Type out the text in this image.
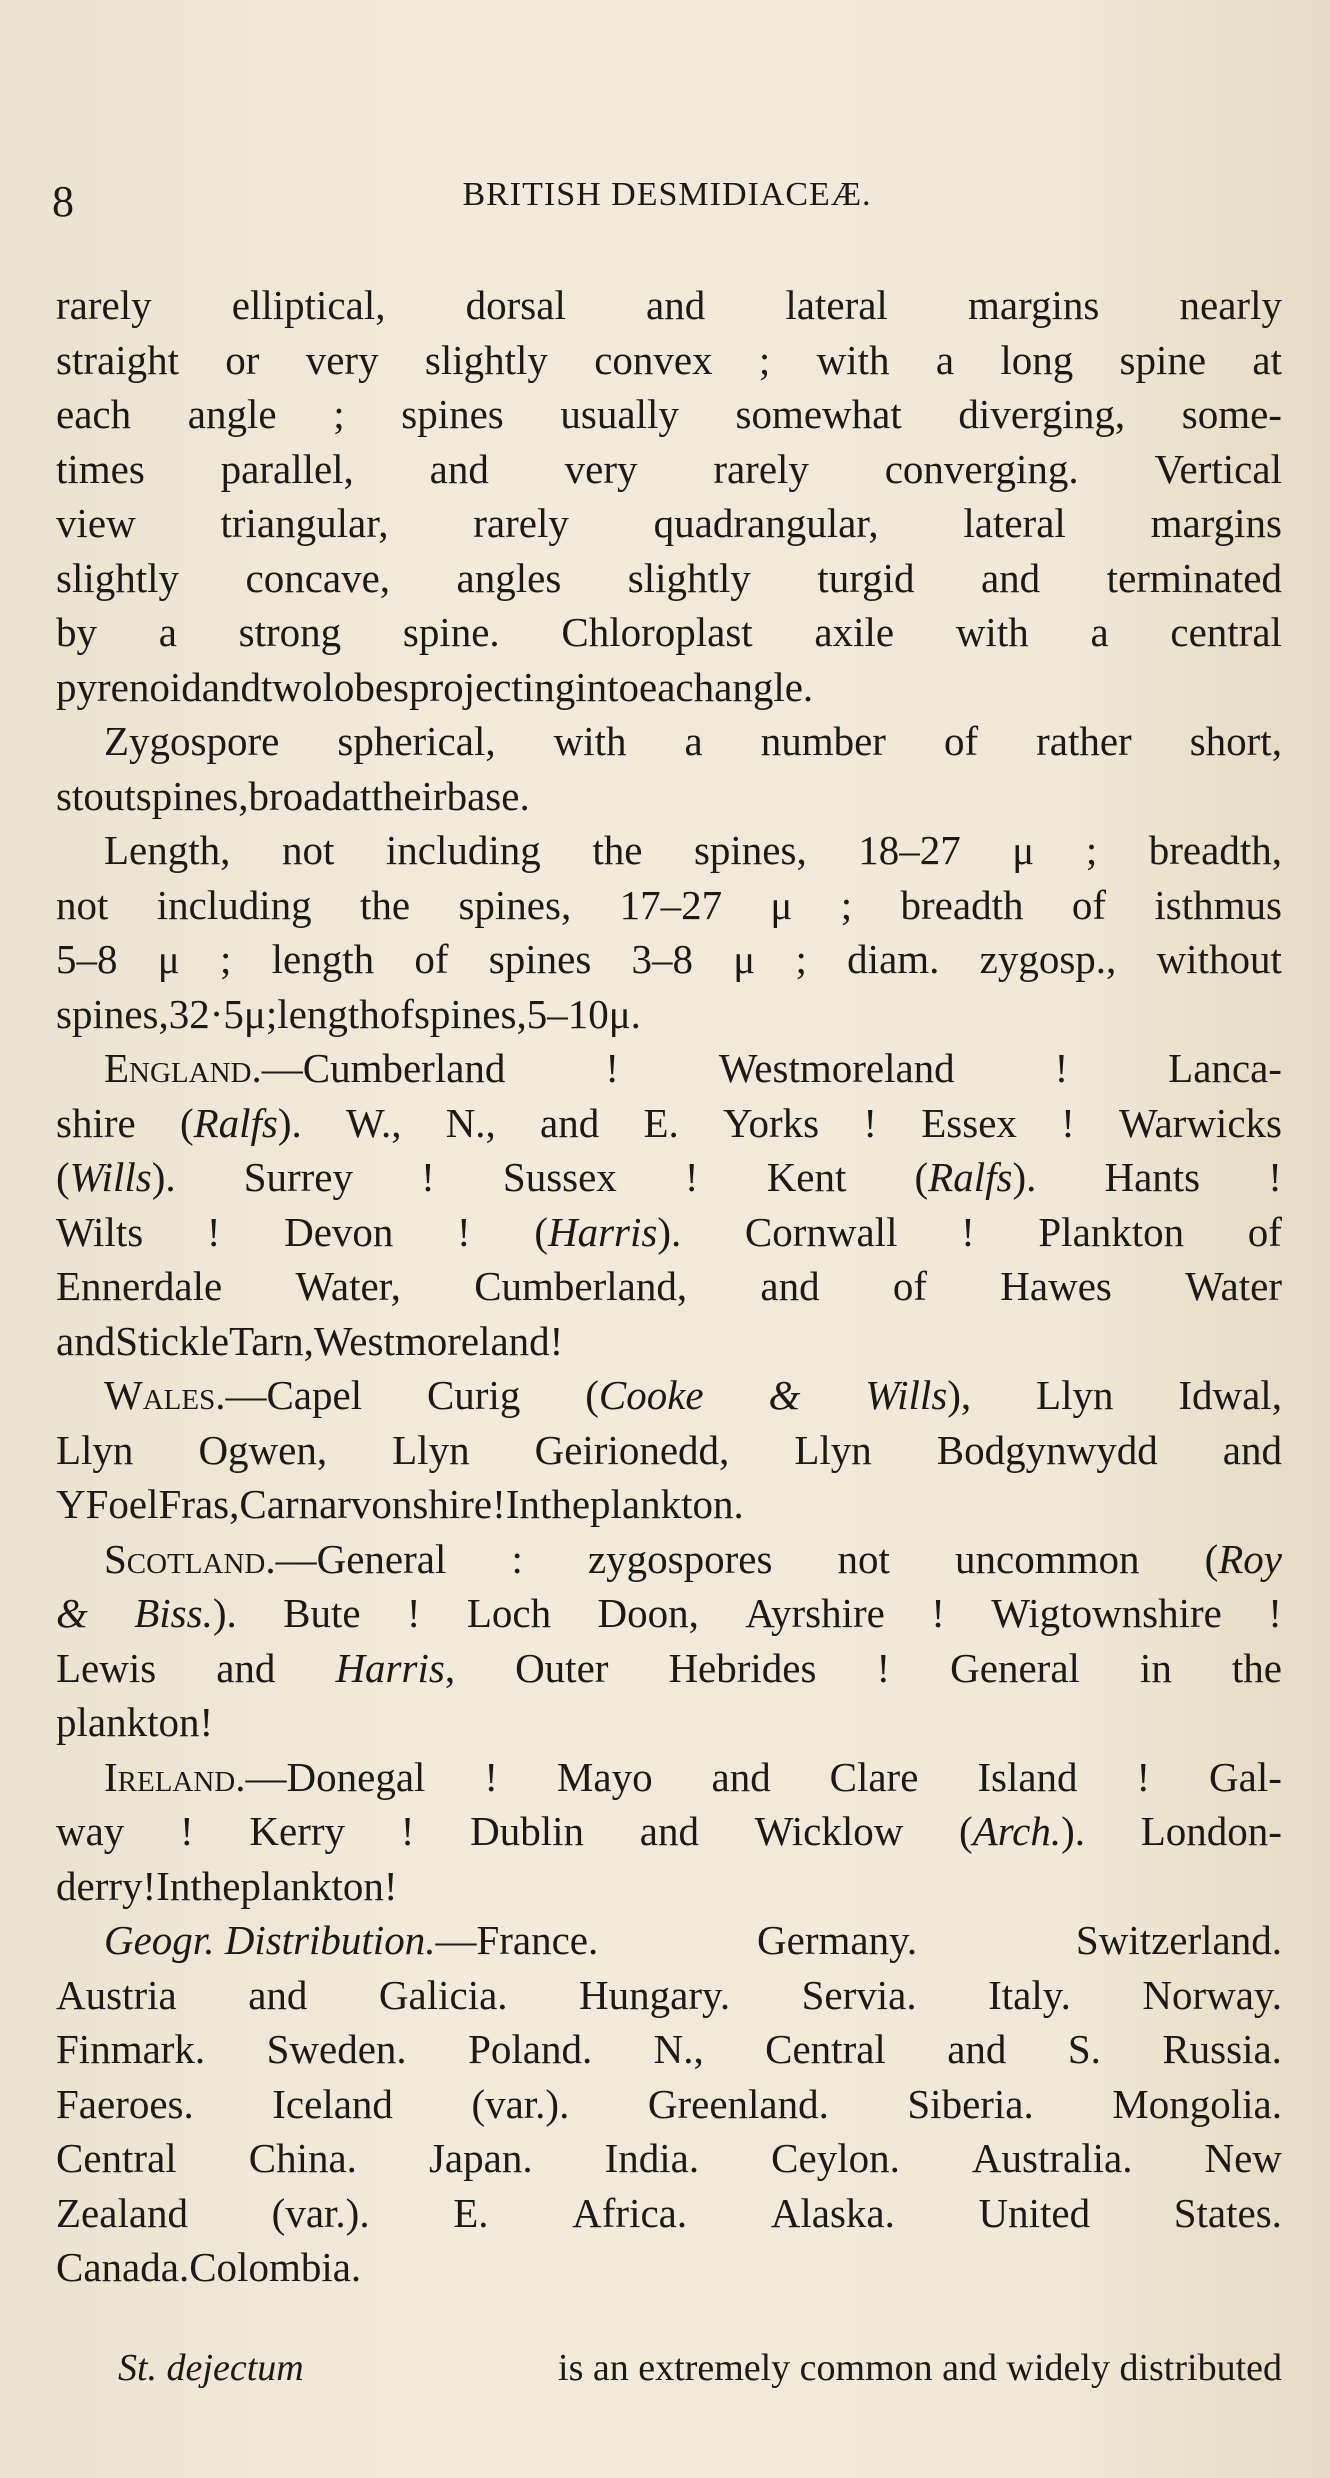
8	BRITISH DESMIDIACEÆ.
rarely elliptical, dorsal and lateral margins nearly
straight or very slightly convex ; with a long spine at
each angle ; spines usually somewhat diverging, some-
times parallel, and very rarely converging. Vertical
view triangular, rarely quadrangular, lateral margins
slightly concave, angles slightly turgid and terminated
by a strong spine. Chloroplast axile with a central
pyrenoid and two lobes projecting into each angle.
Zygospore spherical, with a number of rather short,
stout spines, broad at their base.
Length, not including the spines, 18–27 μ ; breadth,
not including the spines, 17–27 μ ; breadth of isthmus
5–8 μ ; length of spines 3–8 μ ; diam. zygosp., without
spines, 32·5 μ ; length of spines, 5–10 μ.
England.—Cumberland ! Westmoreland ! Lanca-
shire (Ralfs). W., N., and E. Yorks ! Essex ! Warwicks
(Wills). Surrey ! Sussex ! Kent (Ralfs). Hants !
Wilts ! Devon ! (Harris). Cornwall ! Plankton of
Ennerdale Water, Cumberland, and of Hawes Water
and Stickle Tarn, Westmoreland !
Wales.—Capel Curig (Cooke & Wills), Llyn Idwal,
Llyn Ogwen, Llyn Geirionedd, Llyn Bodgynwydd and
Y Foel Fras, Carnarvonshire ! In the plankton.
Scotland.—General : zygospores not uncommon (Roy
& Biss.). Bute ! Loch Doon, Ayrshire ! Wigtownshire !
Lewis and Harris, Outer Hebrides ! General in the
plankton !
Ireland.—Donegal ! Mayo and Clare Island ! Gal-
way ! Kerry ! Dublin and Wicklow (Arch.). London-
derry ! In the plankton !
Geogr. Distribution.—France.	Germany.	Switzerland.
Austria and Galicia. Hungary. Servia. Italy. Norway.
Finmark. Sweden. Poland. N., Central and S. Russia.
Faeroes. Iceland (var.). Greenland. Siberia. Mongolia.
Central China. Japan. India. Ceylon. Australia. New
Zealand (var.). E. Africa. Alaska. United States.
Canada. Colombia.
St. dejectum	is an extremely common and widely distributed
